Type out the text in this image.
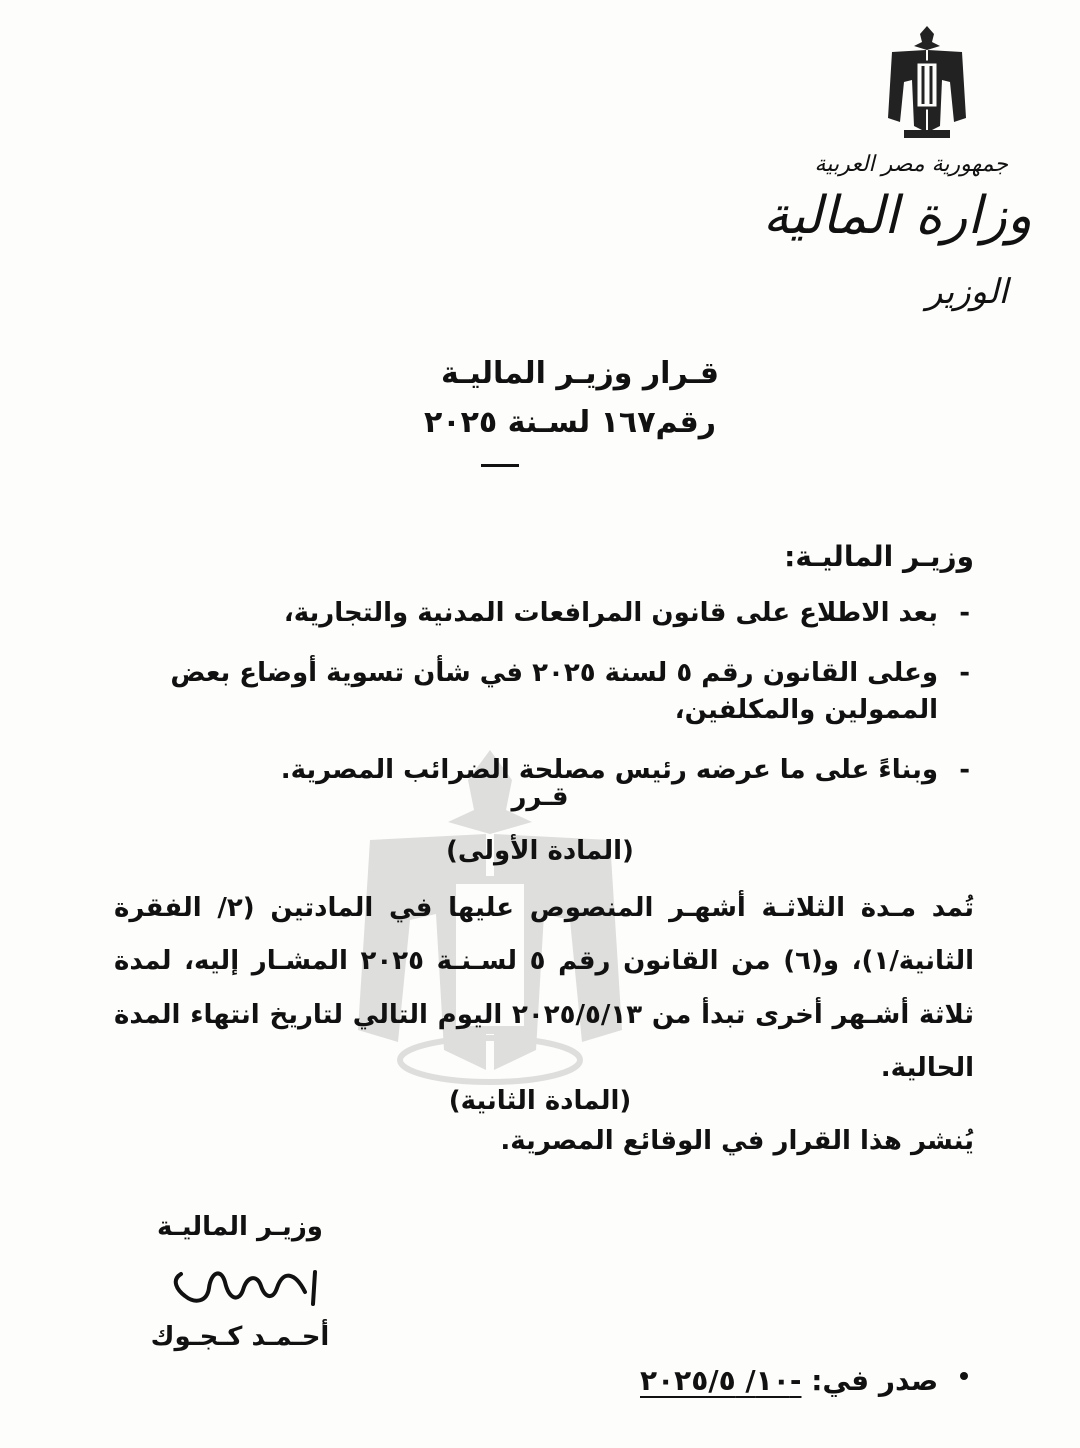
جمهورية مصر العربية
وزارة المالية
الوزير
قـرار وزيـر الماليـة
رقم١٦٧ لسـنة ٢٠٢٥
وزيـر الماليـة:
- بعد الاطلاع على قانون المرافعات المدنية والتجارية،
- وعلى القانون رقم ٥ لسنة ٢٠٢٥ في شأن تسوية أوضاع بعض الممولين والمكلفين،
- وبناءً على ما عرضه رئيس مصلحة الضرائب المصرية.
قـرر
(المادة الأولى)
تُمد مـدة الثلاثـة أشهـر المنصوص عليها في المادتين (٢/ الفقرة الثانية/١)، و(٦) من القانون رقم ٥ لسـنـة ٢٠٢٥ المشـار إليه، لمدة ثلاثة أشـهر أخرى تبدأ من ٢٠٢٥/٥/١٣ اليوم التالي لتاريخ انتهاء المدة الحالية.
(المادة الثانية)
يُنشر هذا القرار في الوقائع المصرية.
وزيـر الماليـة
أحـمـد كـجـوك
صدر في: -١٠/ ٢٠٢٥/٥
